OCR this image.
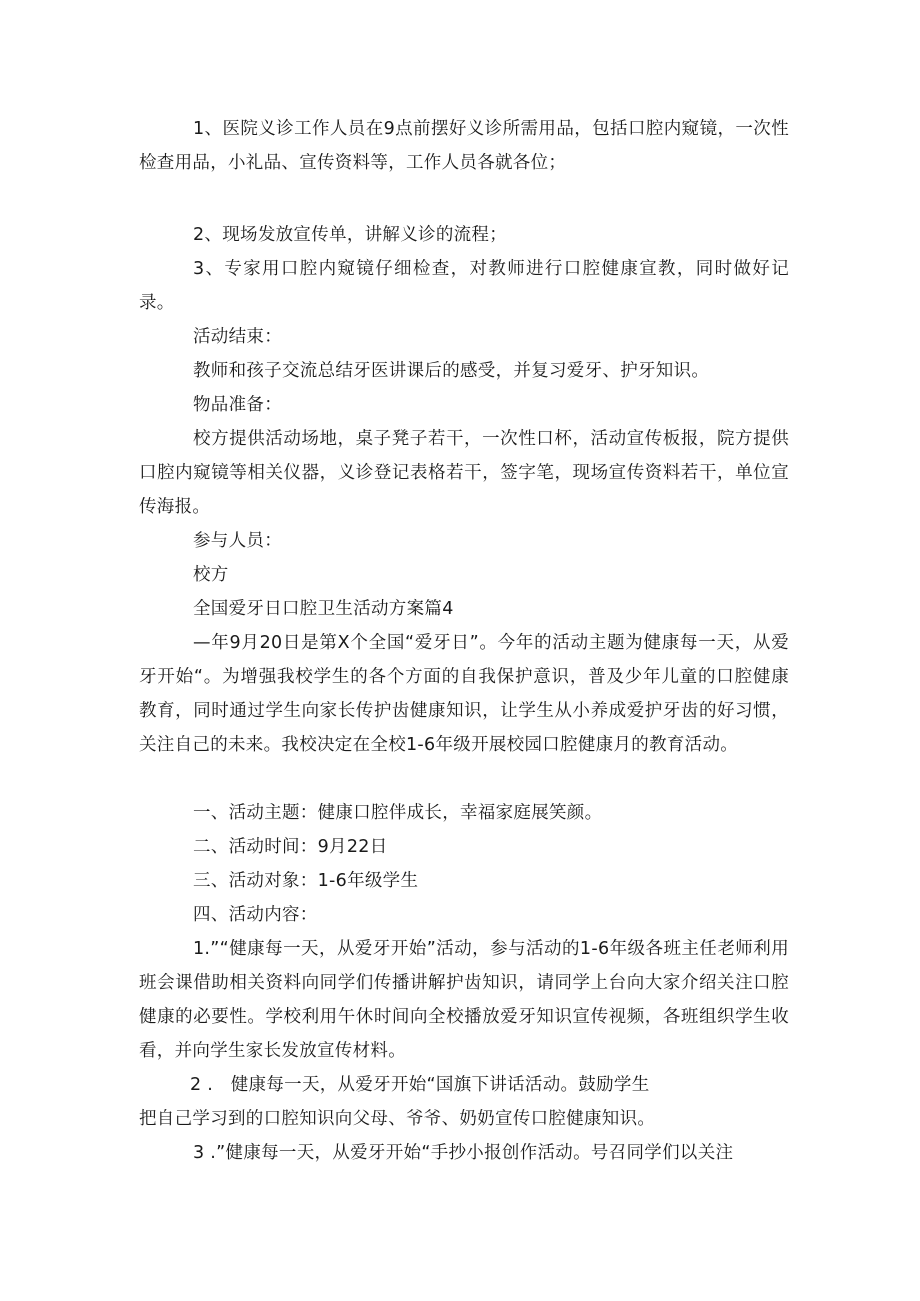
1、医院义诊工作人员在9点前摆好义诊所需用品，包括口腔内窥镜，一次性检查用品，小礼品、宣传资料等，工作人员各就各位；

2、现场发放宣传单，讲解义诊的流程；

3、专家用口腔内窥镜仔细检查，对教师进行口腔健康宣教，同时做好记录。

活动结束：

教师和孩子交流总结牙医讲课后的感受，并复习爱牙、护牙知识。

物品准备：

校方提供活动场地，桌子凳子若干，一次性口杯，活动宣传板报，院方提供口腔内窥镜等相关仪器，义诊登记表格若干，签字笔，现场宣传资料若干，单位宣传海报。

参与人员：

校方

全国爱牙日口腔卫生活动方案篇4

—年9月20日是第X个全国“爱牙日”。今年的活动主题为健康每一天，从爱牙开始“。为增强我校学生的各个方面的自我保护意识，普及少年儿童的口腔健康教育，同时通过学生向家长传护齿健康知识，让学生从小养成爱护牙齿的好习惯，关注自己的未来。我校决定在全校1-6年级开展校园口腔健康月的教育活动。

一、活动主题：健康口腔伴成长，幸福家庭展笑颜。

二、活动时间：9月22日

三、活动对象：1-6年级学生

四、活动内容：

1.”“健康每一天，从爱牙开始”活动，参与活动的1-6年级各班主任老师利用班会课借助相关资料向同学们传播讲解护齿知识，请同学上台向大家介绍关注口腔健康的必要性。学校利用午休时间向全校播放爱牙知识宣传视频，各班组织学生收看，并向学生家长发放宣传材料。

2 .   健康每一天，从爱牙开始“国旗下讲话活动。鼓励学生
把自己学习到的口腔知识向父母、爷爷、奶奶宣传口腔健康知识。

3 .”健康每一天，从爱牙开始“手抄小报创作活动。号召同学们以关注
